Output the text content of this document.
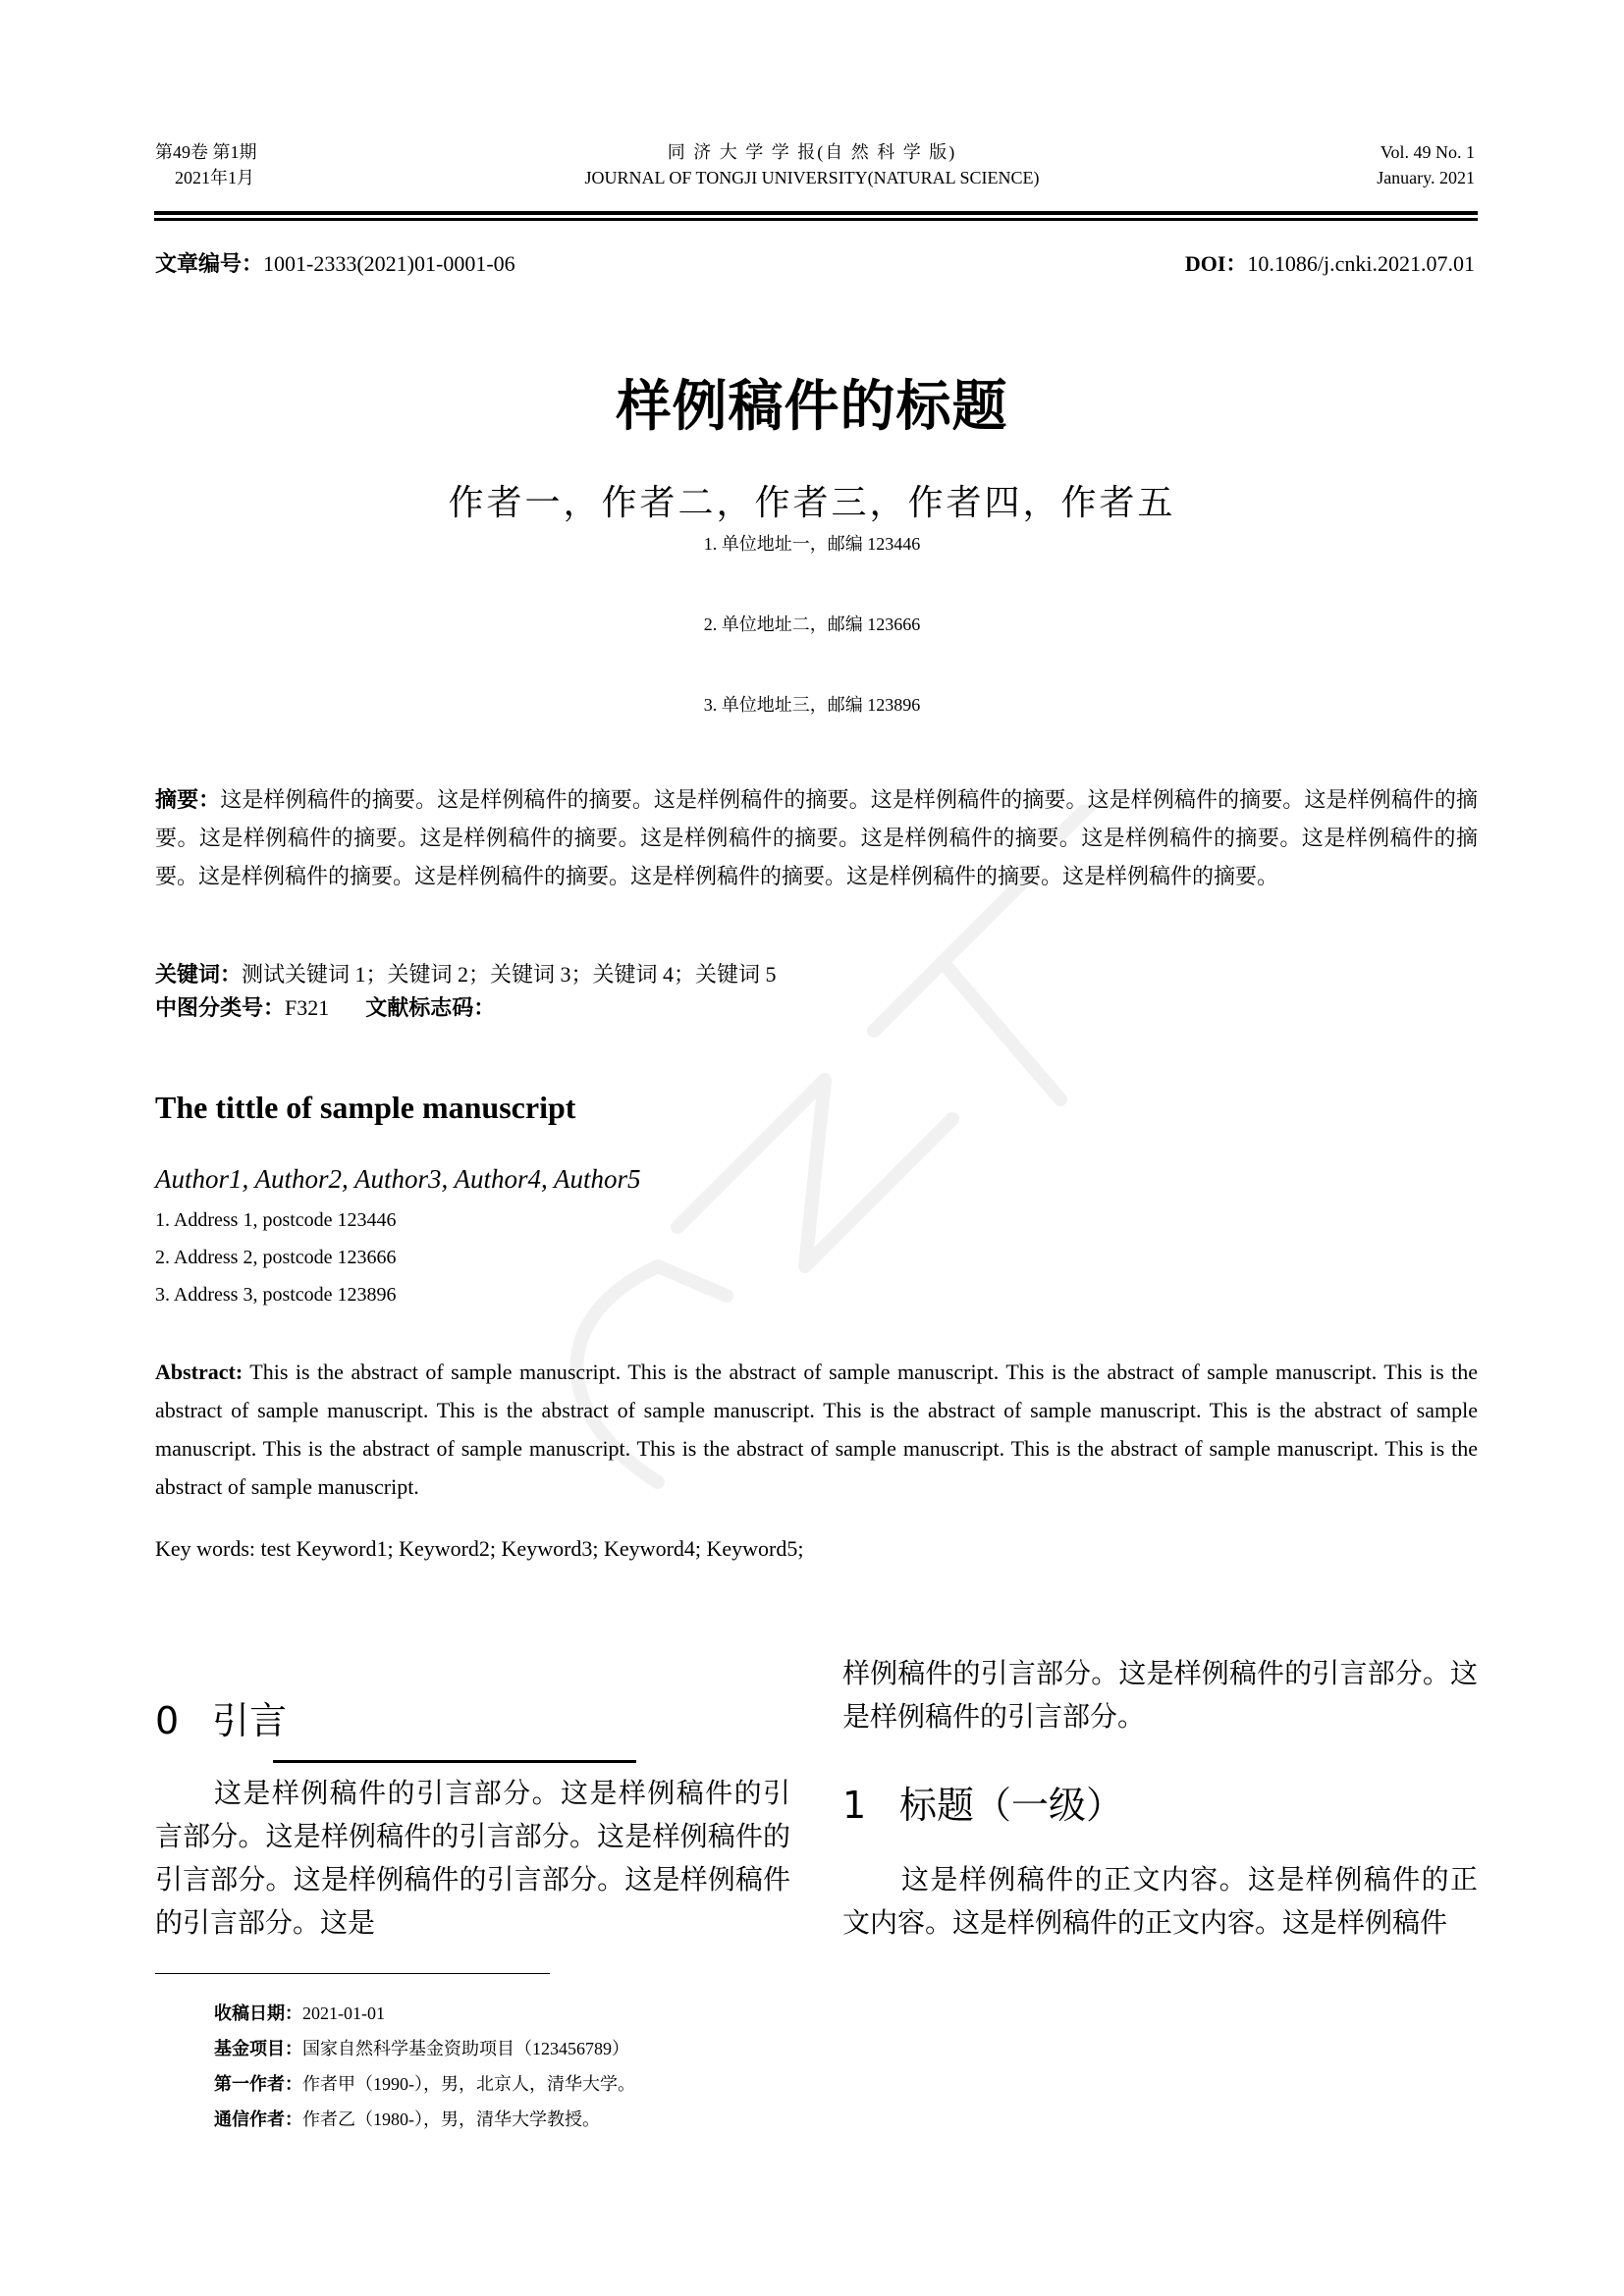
第49卷 第1期
2021年1月
同 济 大 学 学 报(自 然 科 学 版)
JOURNAL OF TONGJI UNIVERSITY(NATURAL SCIENCE)
Vol. 49 No. 1
January. 2021
文章编号：1001-2333(2021)01-0001-06	DOI：10.1086/j.cnki.2021.07.01
样例稿件的标题
作者一，作者二，作者三，作者四，作者五
1. 单位地址一，邮编 123446
2. 单位地址二，邮编 123666
3. 单位地址三，邮编 123896
摘要：这是样例稿件的摘要。这是样例稿件的摘要。这是样例稿件的摘要。这是样例稿件的摘要。这是样例稿件的摘要。这是样例稿件的摘要。这是样例稿件的摘要。这是样例稿件的摘要。这是样例稿件的摘要。这是样例稿件的摘要。这是样例稿件的摘要。这是样例稿件的摘要。这是样例稿件的摘要。这是样例稿件的摘要。这是样例稿件的摘要。这是样例稿件的摘要。这是样例稿件的摘要。
关键词：测试关键词 1；关键词 2；关键词 3；关键词 4；关键词 5
中图分类号：F321 文献标志码：
The tittle of sample manuscript
Author1, Author2, Author3, Author4, Author5
1. Address 1, postcode 123446
2. Address 2, postcode 123666
3. Address 3, postcode 123896
Abstract: This is the abstract of sample manuscript. This is the abstract of sample manuscript. This is the abstract of sample manuscript. This is the abstract of sample manuscript. This is the abstract of sample manuscript. This is the abstract of sample manuscript. This is the abstract of sample manuscript. This is the abstract of sample manuscript. This is the abstract of sample manuscript. This is the abstract of sample manuscript. This is the abstract of sample manuscript.
Key words: test Keyword1; Keyword2; Keyword3; Keyword4; Keyword5;
0 引言
这是样例稿件的引言部分。这是样例稿件的引言部分。这是样例稿件的引言部分。这是样例稿件的引言部分。这是样例稿件的引言部分。这是样例稿件的引言部分。这是
样例稿件的引言部分。这是样例稿件的引言部分。这是样例稿件的引言部分。
1 标题（一级）
这是样例稿件的正文内容。这是样例稿件的正文内容。这是样例稿件的正文内容。这是样例稿件
收稿日期：2021-01-01
基金项目：国家自然科学基金资助项目（123456789）
第一作者：作者甲（1990-），男，北京人，清华大学。
通信作者：作者乙（1980-），男，清华大学教授。
